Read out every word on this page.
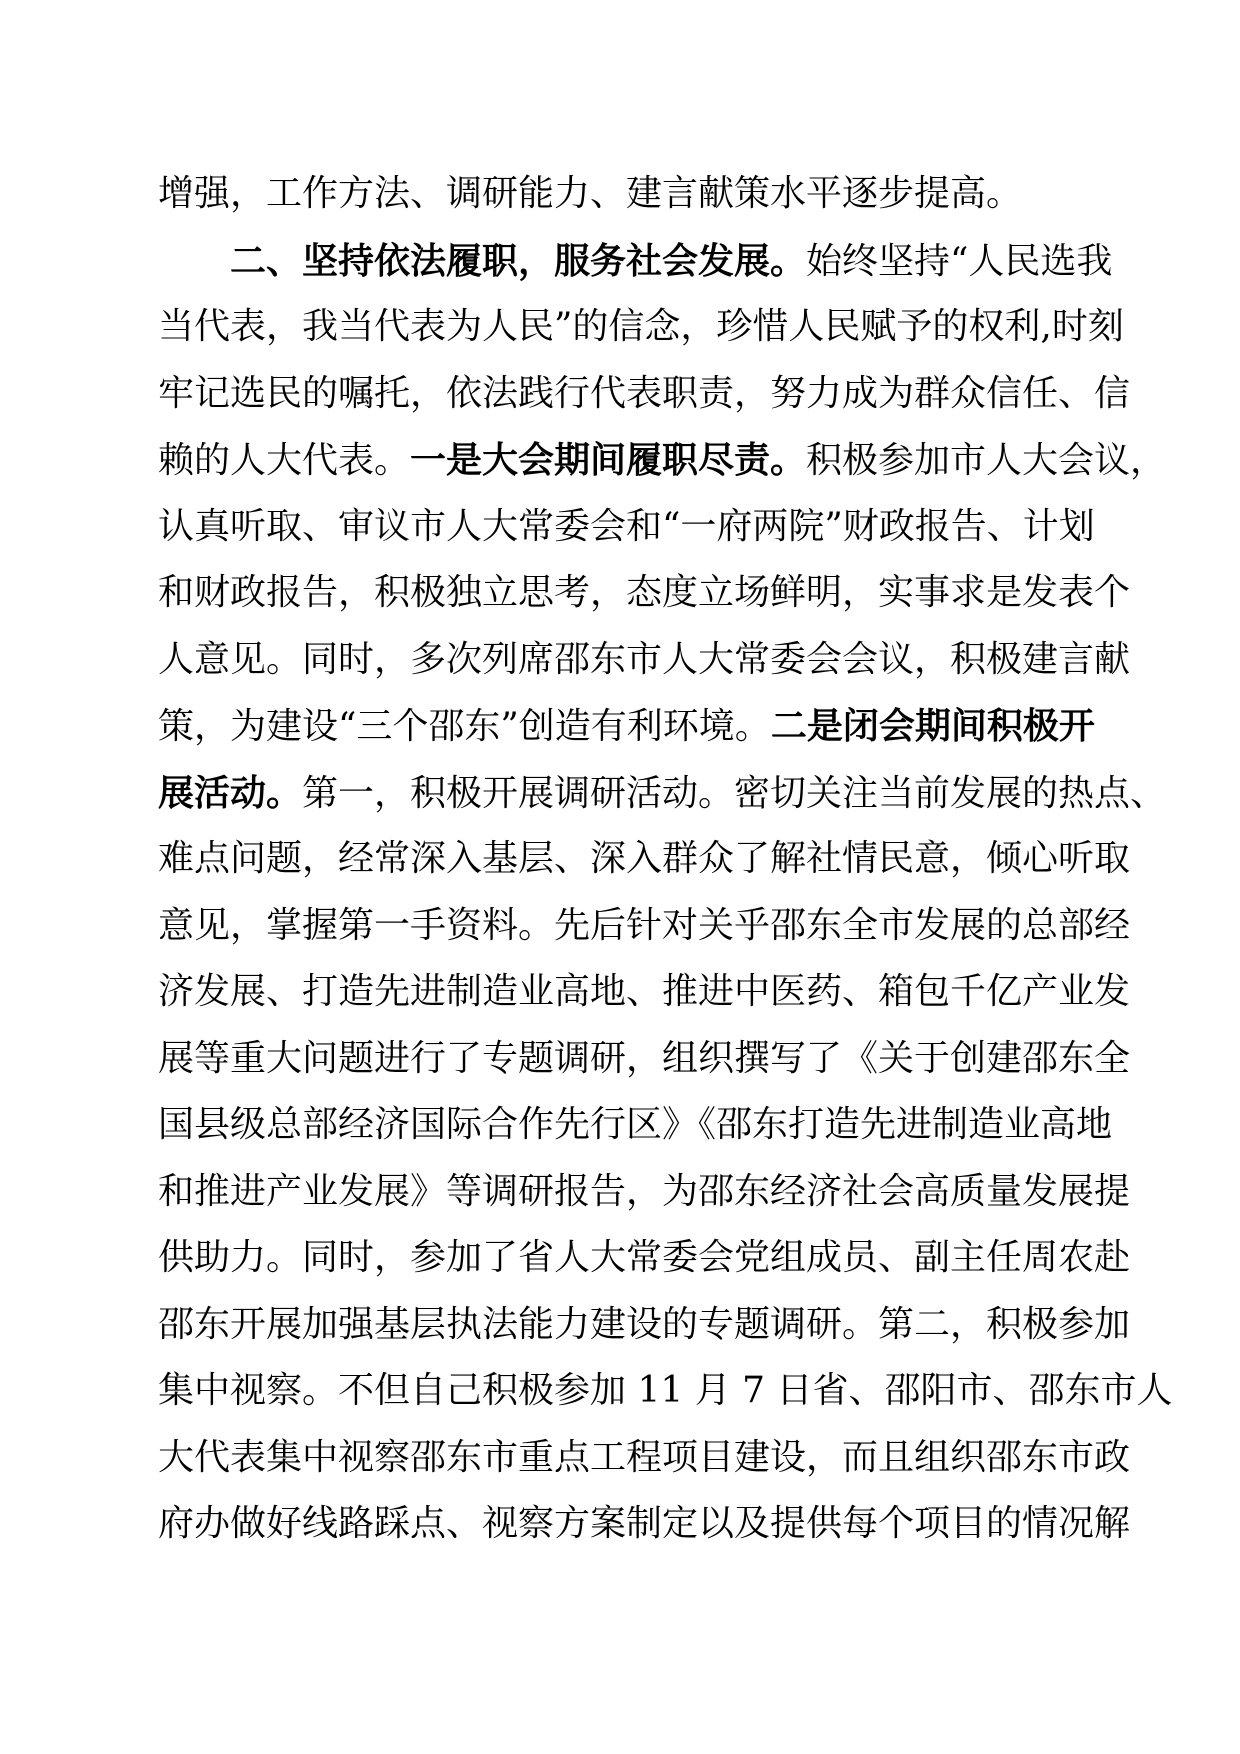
增强，工作方法、调研能力、建言献策水平逐步提高。
二、坚持依法履职，服务社会发展。始终坚持“人民选我
当代表，我当代表为人民”的信念，珍惜人民赋予的权利,时刻
牢记选民的嘱托，依法践行代表职责，努力成为群众信任、信
赖的人大代表。一是大会期间履职尽责。积极参加市人大会议，
认真听取、审议市人大常委会和“一府两院”财政报告、计划
和财政报告，积极独立思考，态度立场鲜明，实事求是发表个
人意见。同时，多次列席邵东市人大常委会会议，积极建言献
策，为建设“三个邵东”创造有利环境。二是闭会期间积极开
展活动。第一，积极开展调研活动。密切关注当前发展的热点、
难点问题，经常深入基层、深入群众了解社情民意，倾心听取
意见，掌握第一手资料。先后针对关乎邵东全市发展的总部经
济发展、打造先进制造业高地、推进中医药、箱包千亿产业发
展等重大问题进行了专题调研，组织撰写了《关于创建邵东全
国县级总部经济国际合作先行区》《邵东打造先进制造业高地
和推进产业发展》等调研报告，为邵东经济社会高质量发展提
供助力。同时，参加了省人大常委会党组成员、副主任周农赴
邵东开展加强基层执法能力建设的专题调研。第二，积极参加
集中视察。不但自己积极参加 11 月 7 日省、邵阳市、邵东市人
大代表集中视察邵东市重点工程项目建设，而且组织邵东市政
府办做好线路踩点、视察方案制定以及提供每个项目的情况解
